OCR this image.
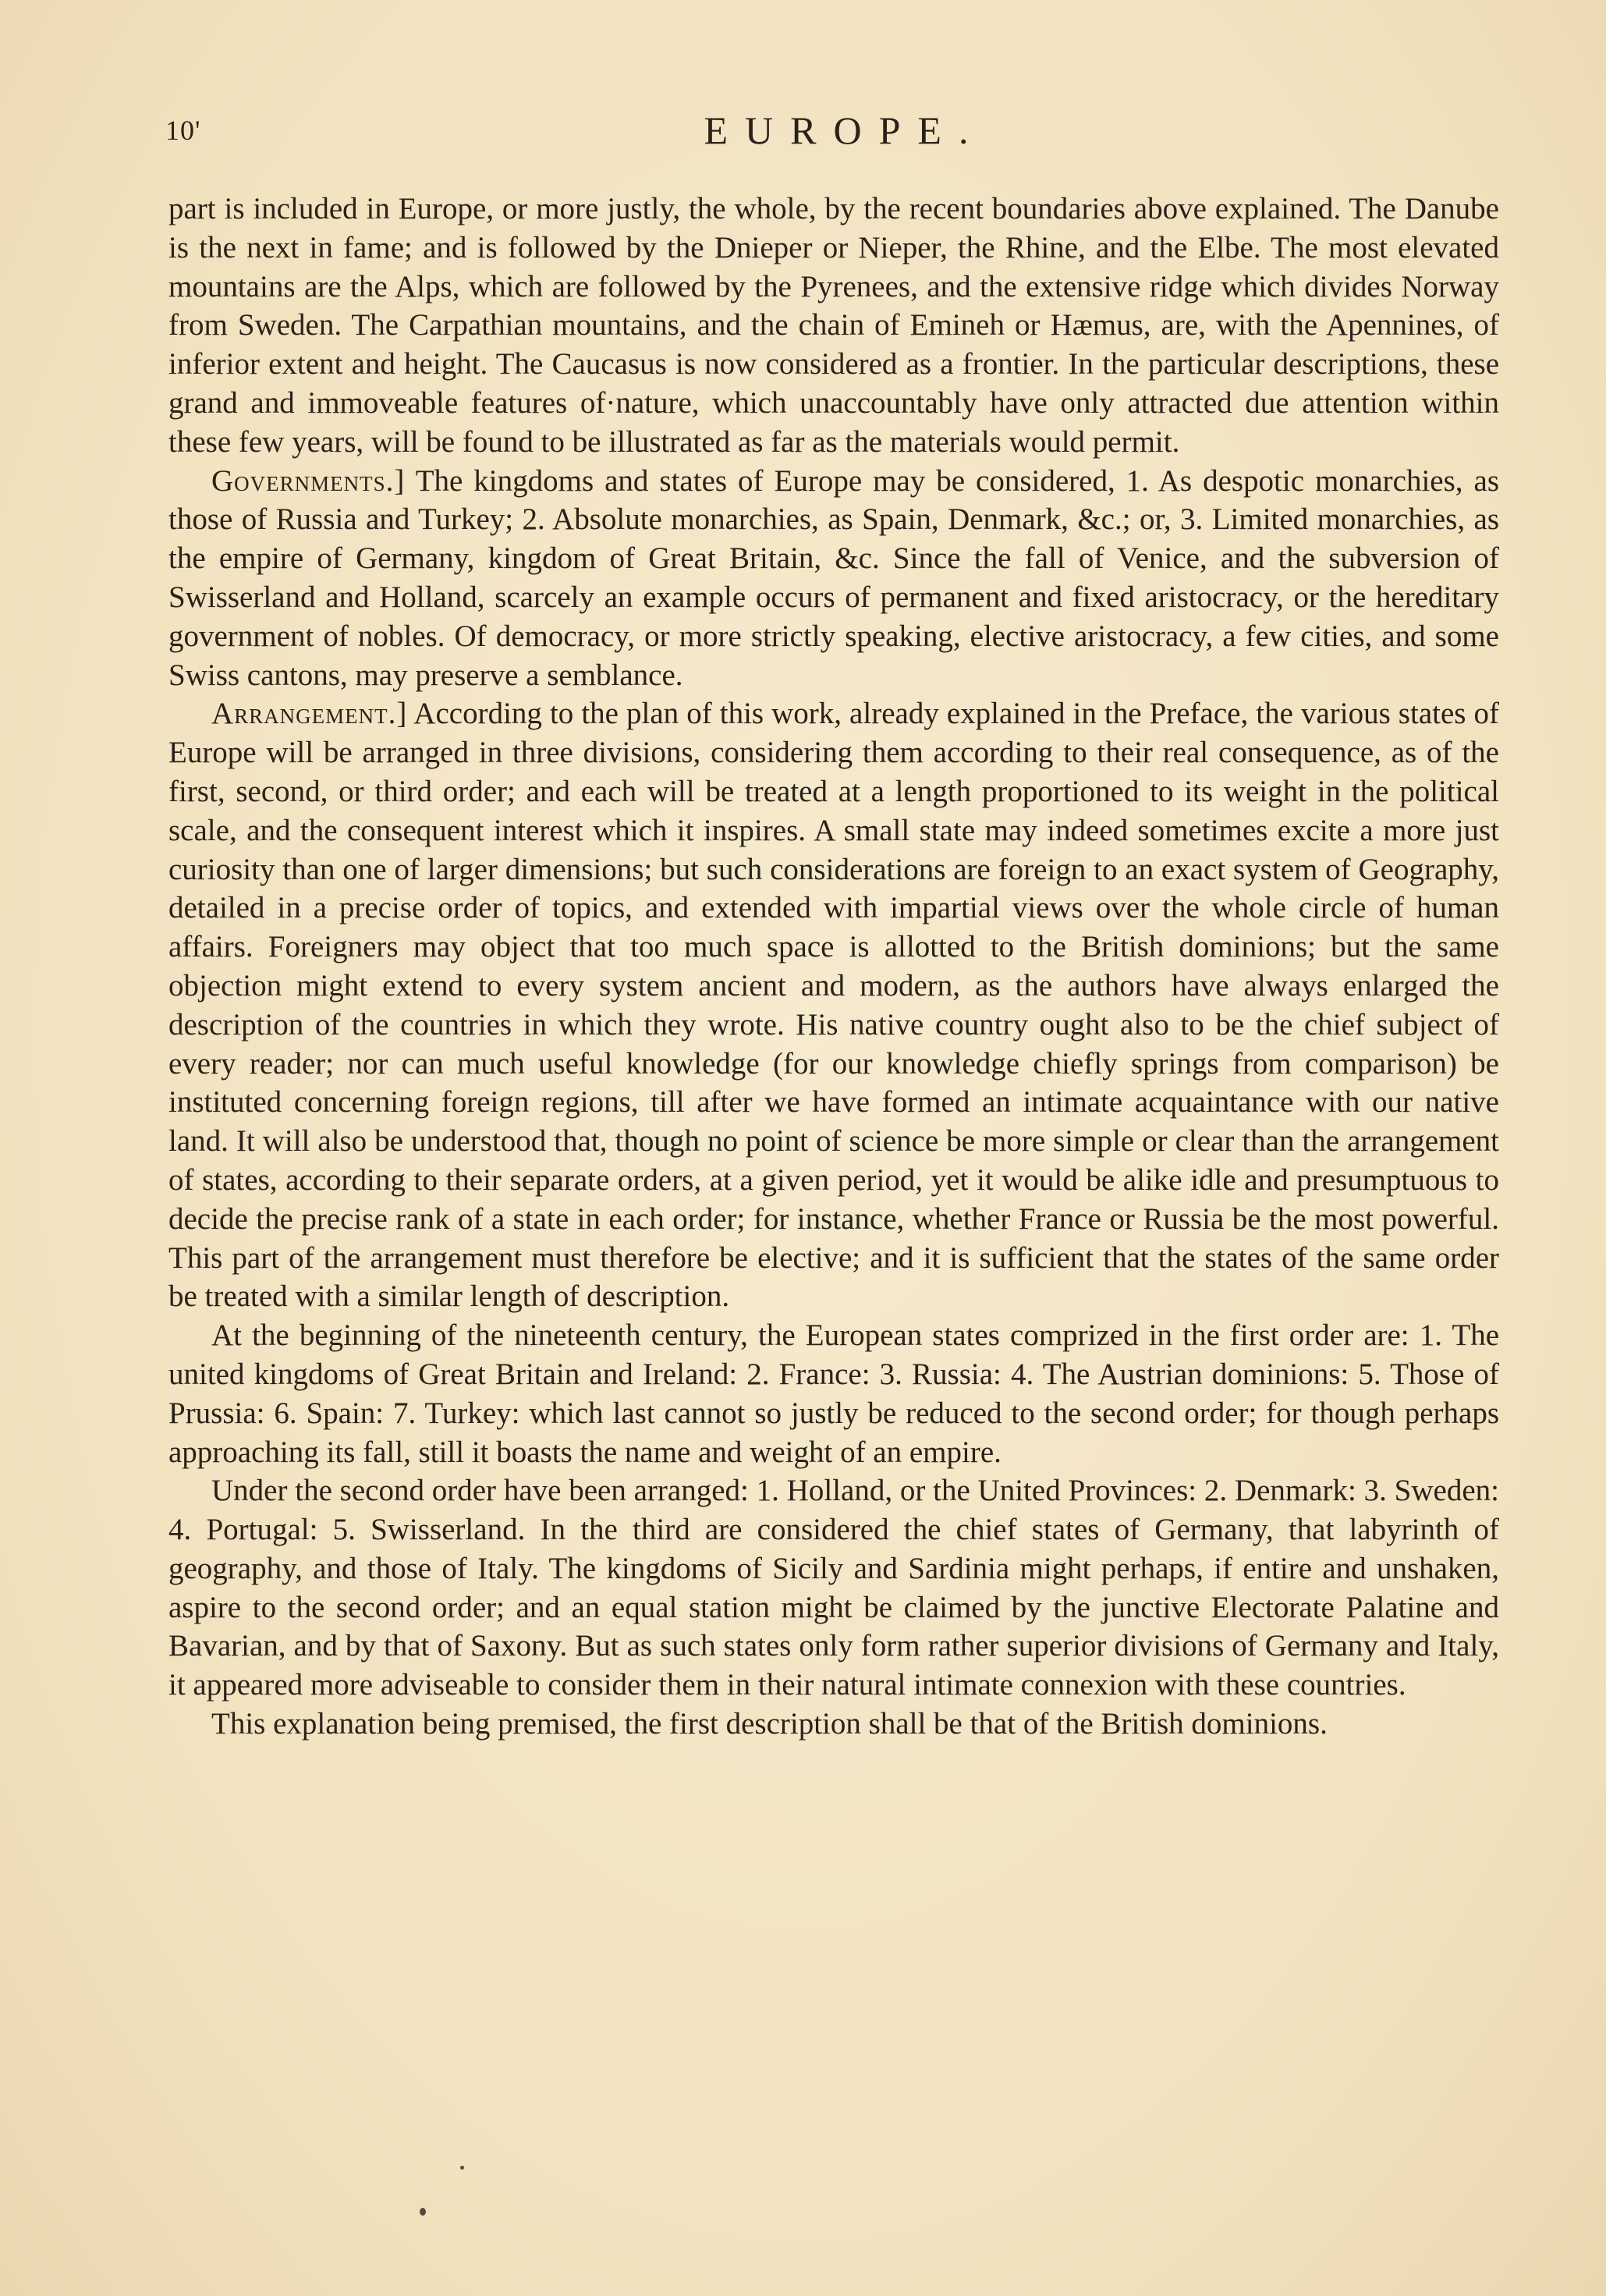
10'	EUROPE.

part is included in Europe, or more justly, the whole, by the recent boundaries above explained. The Danube is the next in fame; and is followed by the Dnieper or Nieper, the Rhine, and the Elbe. The most elevated mountains are the Alps, which are followed by the Pyrenees, and the extensive ridge which divides Norway from Sweden. The Carpathian mountains, and the chain of Emineh or Hæmus, are, with the Apennines, of inferior extent and height. The Caucasus is now considered as a frontier. In the particular descriptions, these grand and immoveable features of·nature, which unaccountably have only attracted due attention within these few years, will be found to be illustrated as far as the materials would permit.

Governments.] The kingdoms and states of Europe may be considered, 1. As despotic monarchies, as those of Russia and Turkey; 2. Absolute monarchies, as Spain, Denmark, &c.; or, 3. Limited monarchies, as the empire of Germany, kingdom of Great Britain, &c. Since the fall of Venice, and the subversion of Swisserland and Holland, scarcely an example occurs of permanent and fixed aristocracy, or the hereditary government of nobles. Of democracy, or more strictly speaking, elective aristocracy, a few cities, and some Swiss cantons, may preserve a semblance.

Arrangement.] According to the plan of this work, already explained in the Preface, the various states of Europe will be arranged in three divisions, considering them according to their real consequence, as of the first, second, or third order; and each will be treated at a length proportioned to its weight in the political scale, and the consequent interest which it inspires. A small state may indeed sometimes excite a more just curiosity than one of larger dimensions; but such considerations are foreign to an exact system of Geography, detailed in a precise order of topics, and extended with impartial views over the whole circle of human affairs. Foreigners may object that too much space is allotted to the British dominions; but the same objection might extend to every system ancient and modern, as the authors have always enlarged the description of the countries in which they wrote. His native country ought also to be the chief subject of every reader; nor can much useful knowledge (for our knowledge chiefly springs from comparison) be instituted concerning foreign regions, till after we have formed an intimate acquaintance with our native land. It will also be understood that, though no point of science be more simple or clear than the arrangement of states, according to their separate orders, at a given period, yet it would be alike idle and presumptuous to decide the precise rank of a state in each order; for instance, whether France or Russia be the most powerful. This part of the arrangement must therefore be elective; and it is sufficient that the states of the same order be treated with a similar length of description.

At the beginning of the nineteenth century, the European states comprized in the first order are: 1. The united kingdoms of Great Britain and Ireland: 2. France: 3. Russia: 4. The Austrian dominions: 5. Those of Prussia: 6. Spain: 7. Turkey: which last cannot so justly be reduced to the second order; for though perhaps approaching its fall, still it boasts the name and weight of an empire.

Under the second order have been arranged: 1. Holland, or the United Provinces: 2. Denmark: 3. Sweden: 4. Portugal: 5. Swisserland. In the third are considered the chief states of Germany, that labyrinth of geography, and those of Italy. The kingdoms of Sicily and Sardinia might perhaps, if entire and unshaken, aspire to the second order; and an equal station might be claimed by the junctive Electorate Palatine and Bavarian, and by that of Saxony. But as such states only form rather superior divisions of Germany and Italy, it appeared more adviseable to consider them in their natural intimate connexion with these countries.

This explanation being premised, the first description shall be that of the British dominions.
